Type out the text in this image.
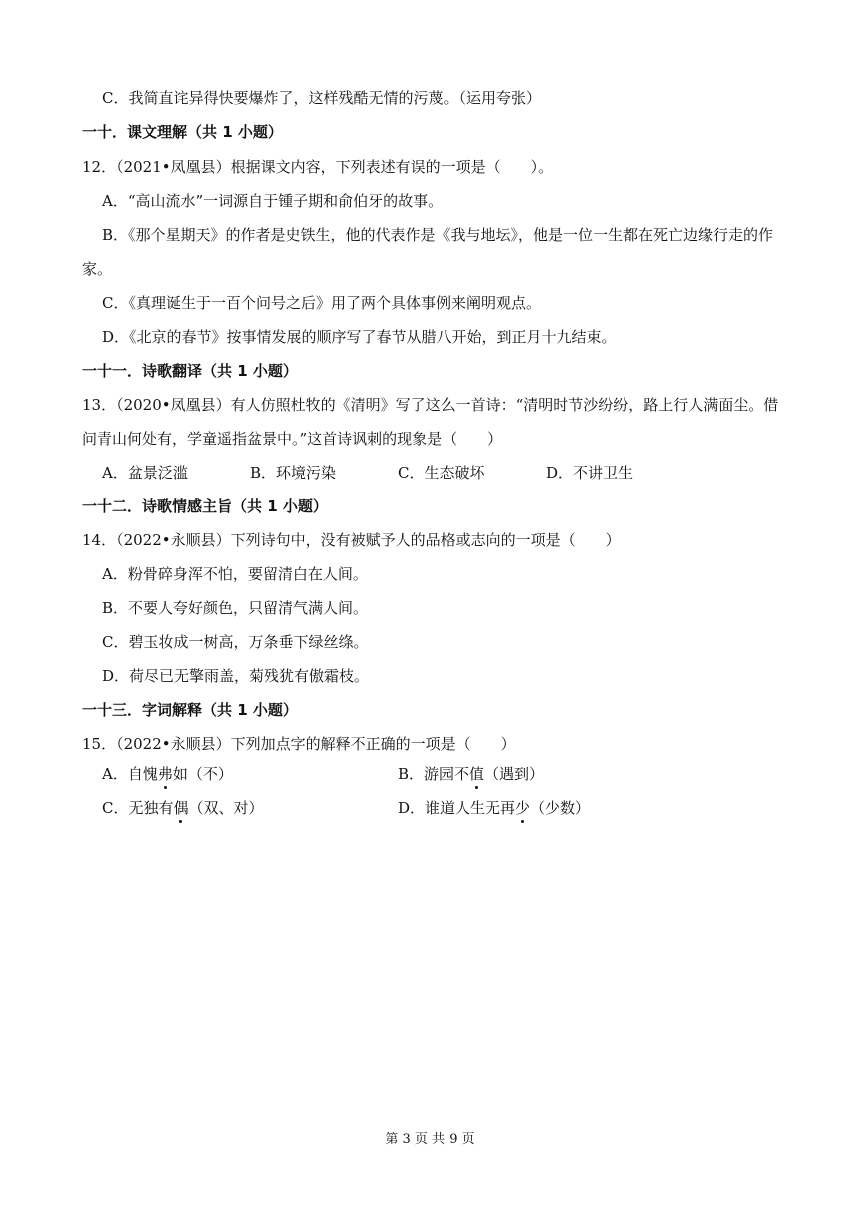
C．我简直诧异得快要爆炸了，这样残酷无情的污蔑。（运用夸张）
一十．课文理解（共 1 小题）
12．（2021•凤凰县）根据课文内容，下列表述有误的一项是（　　）。
A．“高山流水”一词源自于锺子期和俞伯牙的故事。
B．《那个星期天》的作者是史铁生，他的代表作是《我与地坛》，他是一位一生都在死亡边缘行走的作
家。
C．《真理诞生于一百个问号之后》用了两个具体事例来阐明观点。
D．《北京的春节》按事情发展的顺序写了春节从腊八开始，到正月十九结束。
一十一．诗歌翻译（共 1 小题）
13．（2020•凤凰县）有人仿照杜牧的《清明》写了这么一首诗：“清明时节沙纷纷，路上行人满面尘。借
问青山何处有，学童遥指盆景中。”这首诗讽刺的现象是（　　）
A．盆景泛滥	B．环境污染	C．生态破坏	D．不讲卫生
一十二．诗歌情感主旨（共 1 小题）
14．（2022•永顺县）下列诗句中，没有被赋予人的品格或志向的一项是（　　）
A．粉骨碎身浑不怕，要留清白在人间。
B．不要人夸好颜色，只留清气满人间。
C．碧玉妆成一树高，万条垂下绿丝绦。
D．荷尽已无擎雨盖，菊残犹有傲霜枝。
一十三．字词解释（共 1 小题）
15．（2022•永顺县）下列加点字的解释不正确的一项是（　　）
A．自愧弗如（不）	B．游园不值（遇到）
C．无独有偶（双、对）	D．谁道人生无再少（少数）
第 3 页 共 9 页
